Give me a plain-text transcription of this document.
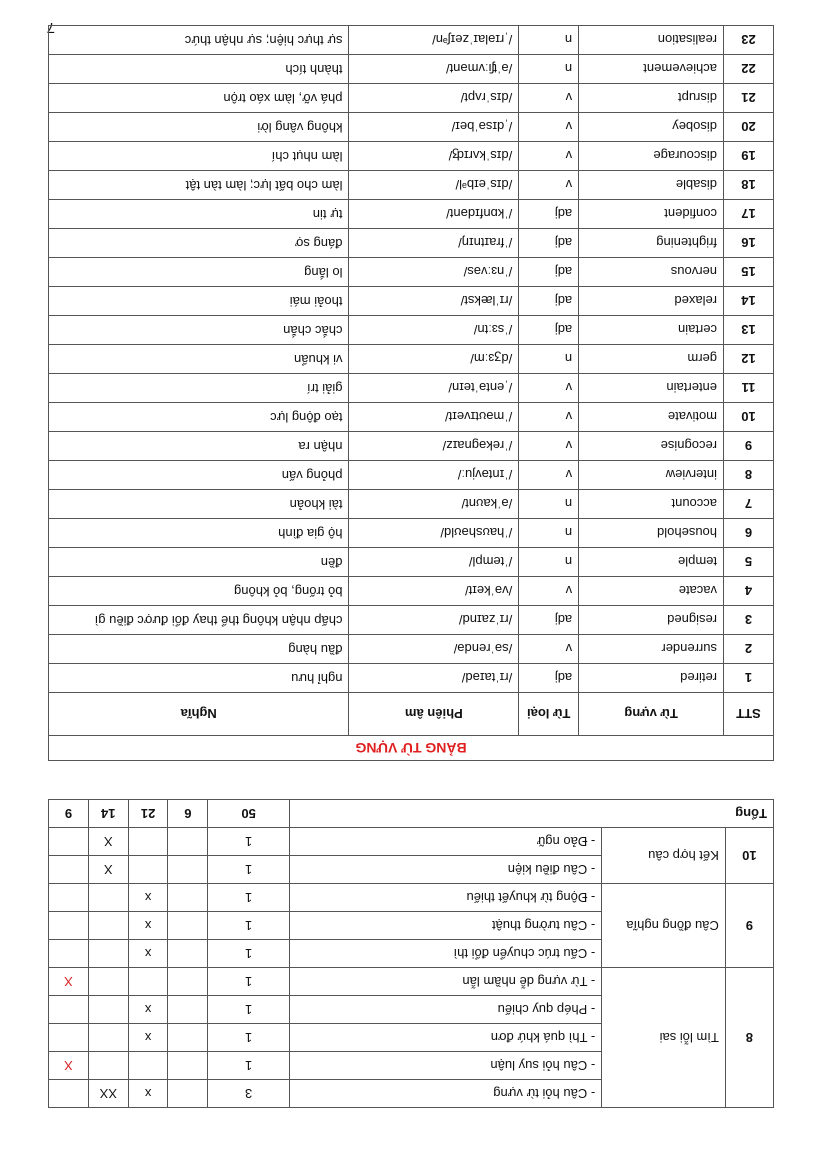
7
8	Tìm lỗi sai	- Câu hỏi từ vựng	3		x	XX	
		- Câu hỏi suy luận	1				X
		- Thì quá khứ đơn	1		x		
		- Phép quy chiếu	1		x		
		- Từ vựng dễ nhầm lẫn	1				X
9	Câu đồng nghĩa	- Cấu trúc chuyển đổi thì	1		x		
		- Câu tường thuật	1		x		
		- Động từ khuyết thiếu	1		x		
10	Kết hợp câu	- Câu điều kiện	1			X	
		- Đảo ngữ	1			X	
Tổng			50	6	21	14	9
BẢNG TỪ VỰNG				
STT	Từ vựng	Từ loại	Phiên âm	Nghĩa
1	retired	adj	/rɪˈtaɪəd/	nghỉ hưu
2	surrender	v	/səˈrendə/	đầu hàng
3	resigned	adj	/rɪˈzaɪnd/	chấp nhận không thể thay đổi được điều gì
4	vacate	v	/vəˈkeɪt/	bỏ trống, bỏ không
5	temple	n	/ˈtempl/	đền
6	household	n	/ˈhaʊshəʊld/	hộ gia đình
7	account	n	/əˈkaʊnt/	tài khoản
8	interview	v	/ˈɪntəvjuː/	phỏng vấn
9	recognise	v	/ˈrekəgnaɪz/	nhận ra
10	motivate	v	/ˈməʊtɪveɪt/	tạo động lực
11	entertain	v	/ˌentəˈteɪn/	giải trí
12	germ	n	/dʒɜːm/	vi khuẩn
13	certain	adj	/ˈsɜːtn/	chắc chắn
14	relaxed	adj	/rɪˈlækst/	thoải mái
15	nervous	adj	/ˈnɜːvəs/	lo lắng
16	frightening	adj	/ˈfraɪtnɪŋ/	đáng sợ
17	confident	adj	/ˈkɒnfɪdənt/	tự tin
18	disable	v	/dɪsˈeɪbᵊl/	làm cho bất lực; làm tàn tật
19	discourage	v	/dɪsˈkʌrɪʤ/	làm nhụt chí
20	disobey	v	/ˌdɪsəˈbeɪ/	không vâng lời
21	disrupt	v	/dɪsˈrʌpt/	phá vỡ, làm xáo trộn
22	achievement	n	/əˈʧiːvmənt/	thành tích
23	realisation	n	/ˌrɪəlaɪˈzeɪʃᵊn/	sự thực hiện; sự nhận thức
